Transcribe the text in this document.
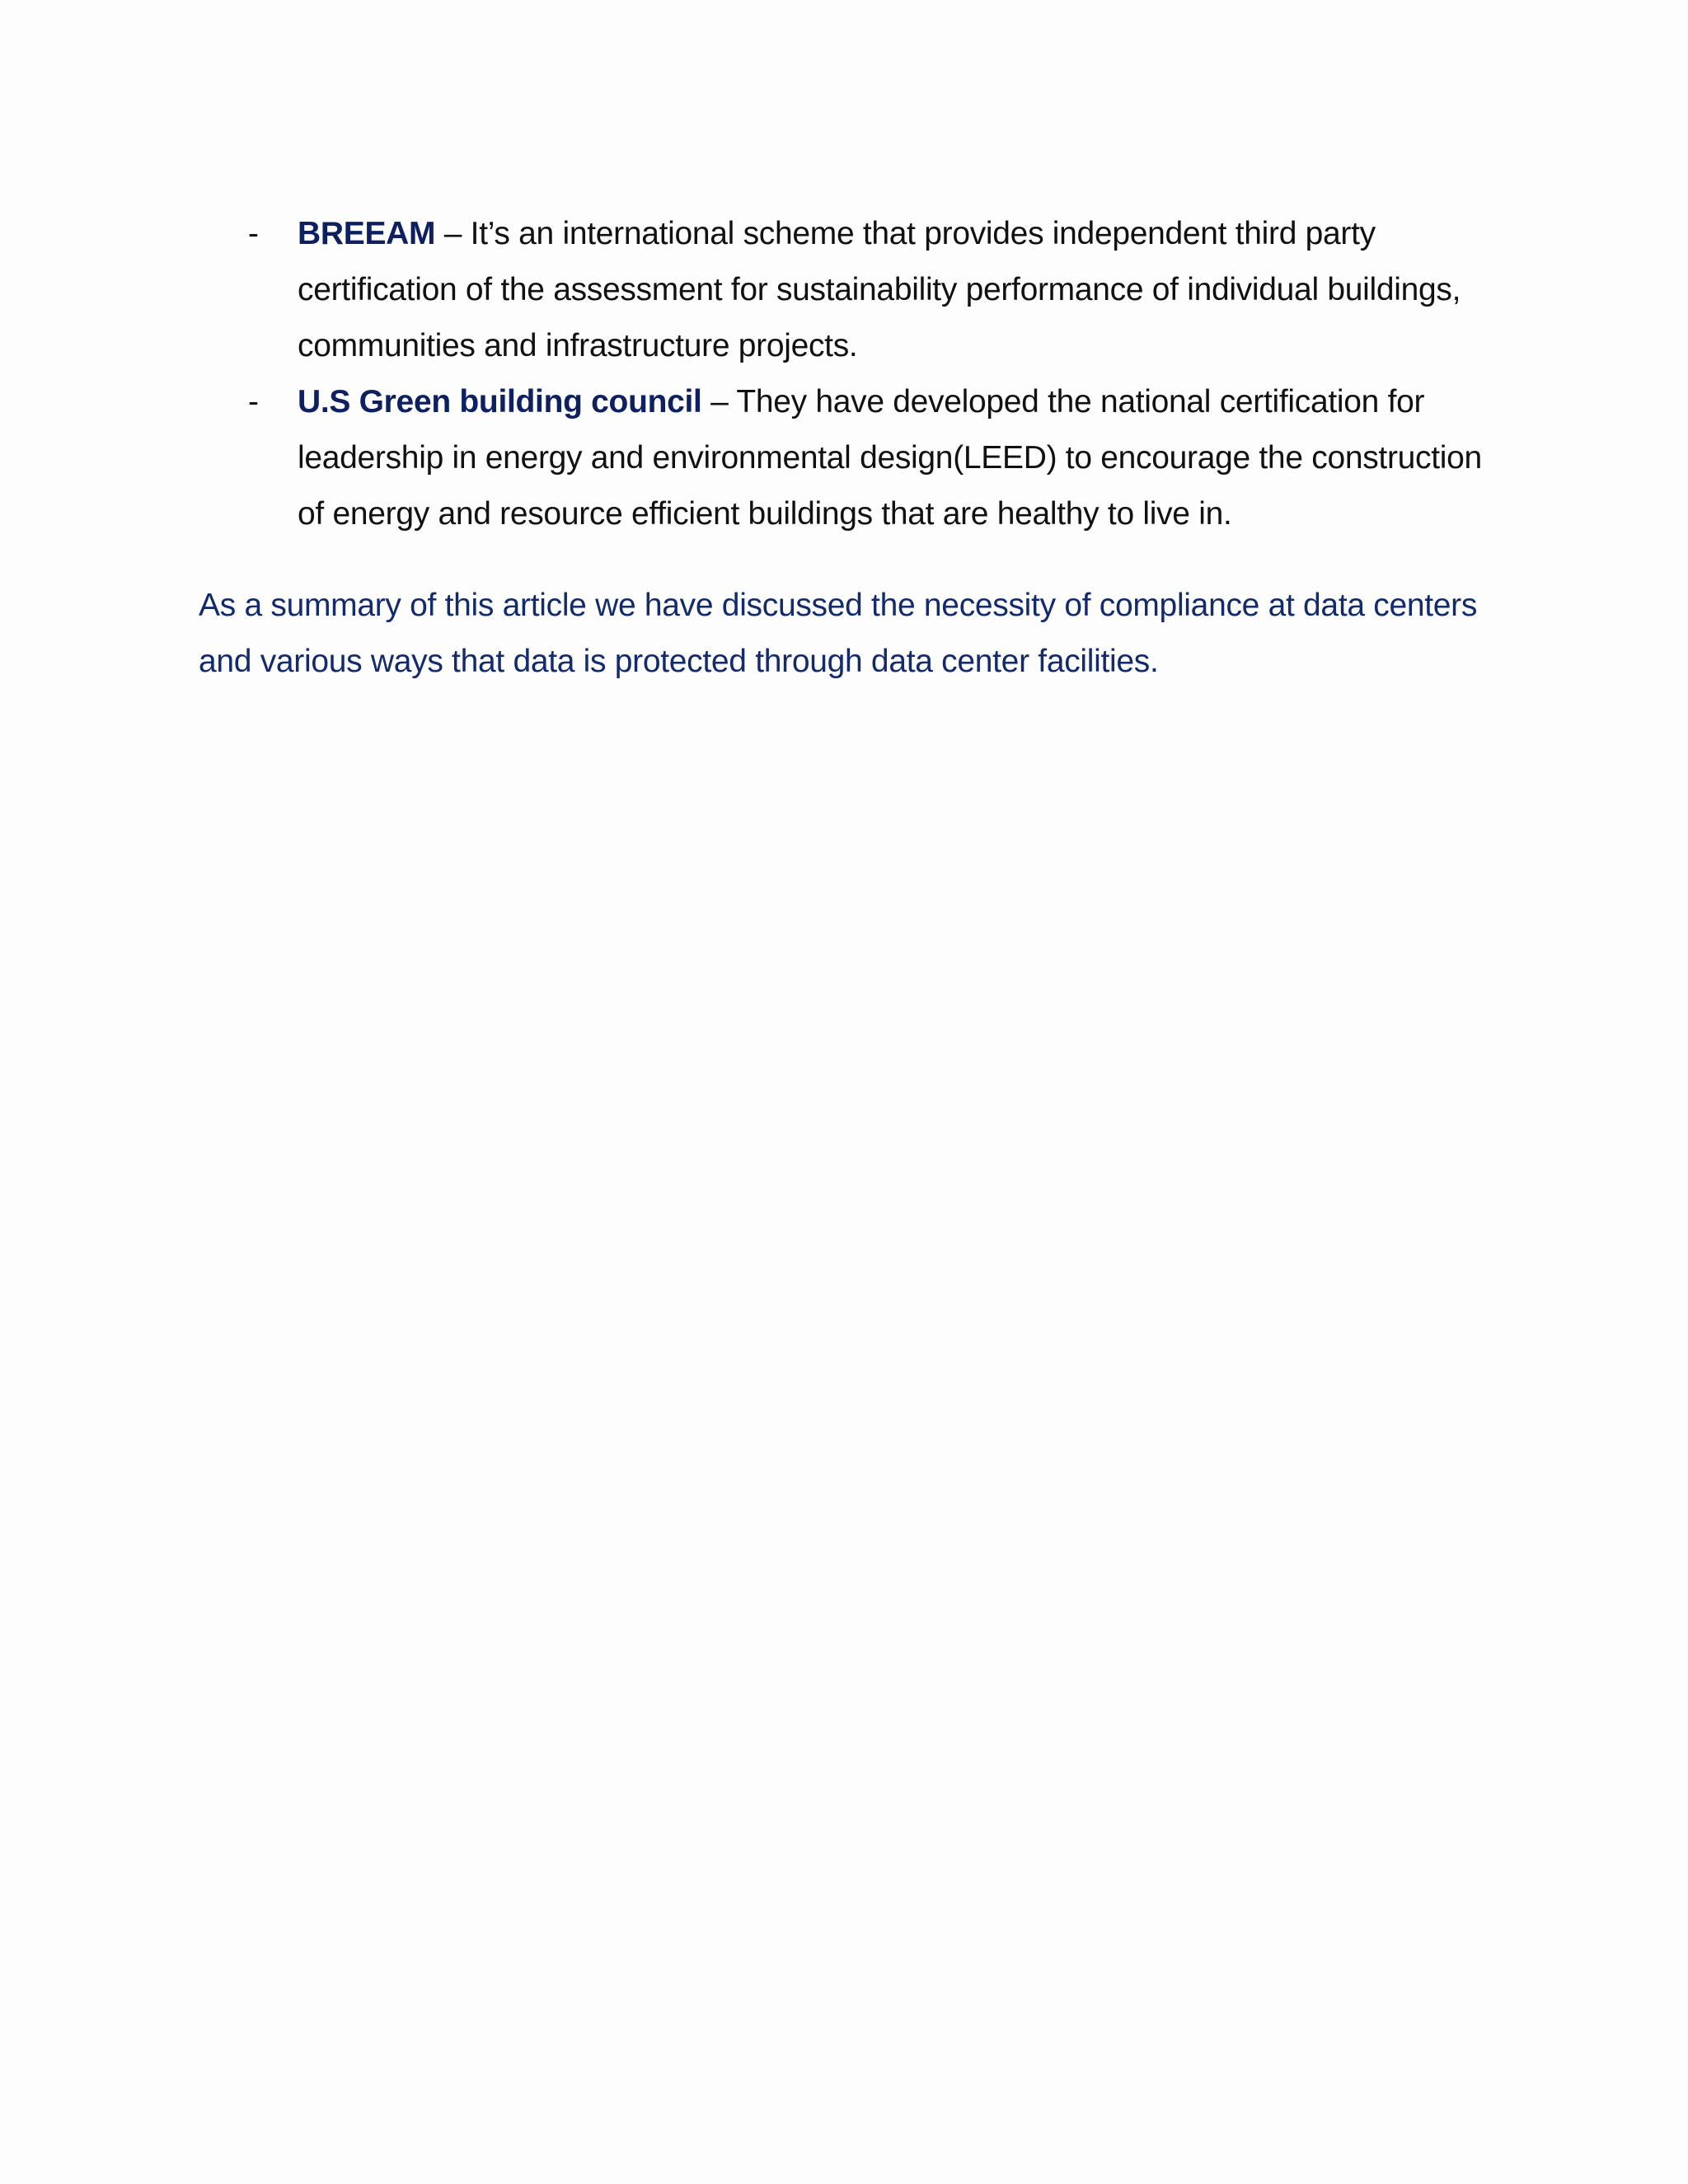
-	BREEAM – It’s an international scheme that provides independent third party certification of the assessment for sustainability performance of individual buildings, communities and infrastructure projects.
-	U.S Green building council – They have developed the national certification for leadership in energy and environmental design(LEED) to encourage the construction of energy and resource efficient buildings that are healthy to live in.

As a summary of this article we have discussed the necessity of compliance at data centers and various ways that data is protected through data center facilities.
